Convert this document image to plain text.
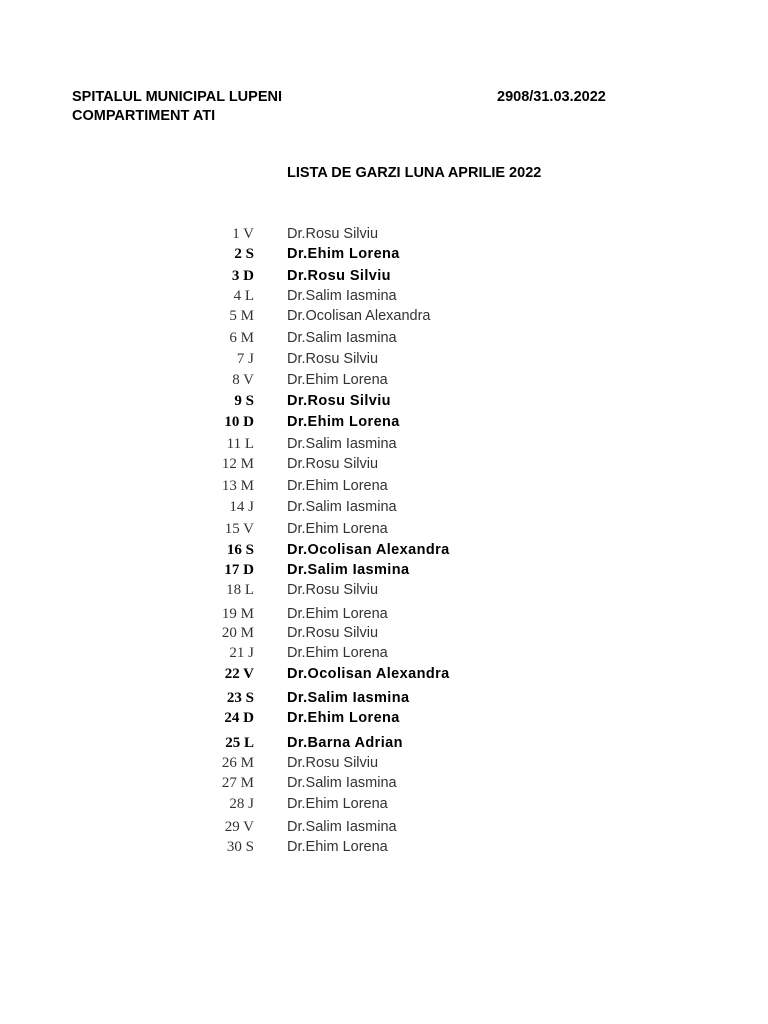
SPITALUL MUNICIPAL LUPENI
COMPARTIMENT ATI
2908/31.03.2022
LISTA DE GARZI LUNA APRILIE 2022
1 V Dr.Rosu Silviu
2 S Dr.Ehim Lorena
3 D Dr.Rosu Silviu
4 L Dr.Salim Iasmina
5 M Dr.Ocolisan Alexandra
6 M Dr.Salim Iasmina
7 J Dr.Rosu Silviu
8 V Dr.Ehim Lorena
9 S Dr.Rosu Silviu
10 D Dr.Ehim Lorena
11 L Dr.Salim Iasmina
12 M Dr.Rosu Silviu
13 M Dr.Ehim Lorena
14 J Dr.Salim Iasmina
15 V Dr.Ehim Lorena
16 S Dr.Ocolisan Alexandra
17 D Dr.Salim Iasmina
18 L Dr.Rosu Silviu
19 M Dr.Ehim Lorena
20 M Dr.Rosu Silviu
21 J Dr.Ehim Lorena
22 V Dr.Ocolisan Alexandra
23 S Dr.Salim Iasmina
24 D Dr.Ehim Lorena
25 L Dr.Barna Adrian
26 M Dr.Rosu Silviu
27 M Dr.Salim Iasmina
28 J Dr.Ehim Lorena
29 V Dr.Salim Iasmina
30 S Dr.Ehim Lorena
